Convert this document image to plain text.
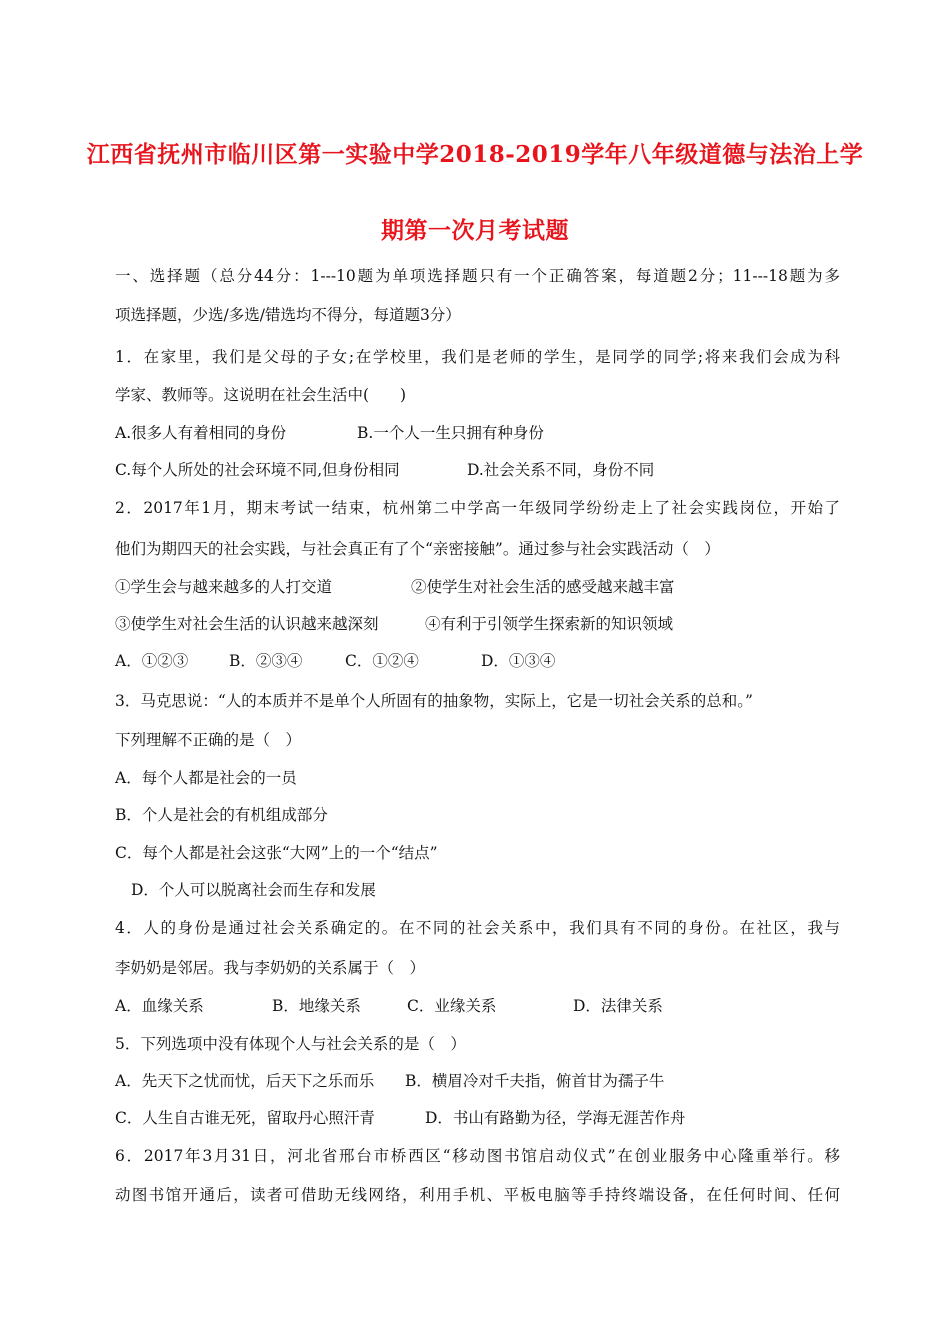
江西省抚州市临川区第一实验中学2018-2019学年八年级道德与法治上学
期第一次月考试题
一、选择题（总分44分：1---10题为单项选择题只有一个正确答案，每道题2分；11---18题为多
项选择题，少选/多选/错选均不得分，每道题3分）
1．在家里，我们是父母的子女;在学校里，我们是老师的学生，是同学的同学;将来我们会成为科
学家、教师等。这说明在社会生活中(　　)
A.很多人有着相同的身份	B.一个人一生只拥有种身份
C.每个人所处的社会环境不同,但身份相同	D.社会关系不同，身份不同
2．2017年1月，期末考试一结束，杭州第二中学高一年级同学纷纷走上了社会实践岗位，开始了
他们为期四天的社会实践，与社会真正有了个“亲密接触”。通过参与社会实践活动（　）
①学生会与越来越多的人打交道	②使学生对社会生活的感受越来越丰富
③使学生对社会生活的认识越来越深刻	④有利于引领学生探索新的知识领域
A．①②③	B．②③④	C．①②④	D．①③④
3．马克思说：“人的本质并不是单个人所固有的抽象物，实际上，它是一切社会关系的总和。”
下列理解不正确的是（　）
A．每个人都是社会的一员
B．个人是社会的有机组成部分
C．每个人都是社会这张“大网”上的一个“结点”
D．个人可以脱离社会而生存和发展
4．人的身份是通过社会关系确定的。在不同的社会关系中，我们具有不同的身份。在社区，我与
李奶奶是邻居。我与李奶奶的关系属于（　）
A．血缘关系	B．地缘关系	C．业缘关系	D．法律关系
5．下列选项中没有体现个人与社会关系的是（　）
A．先天下之忧而忧，后天下之乐而乐 B．横眉冷对千夫指，俯首甘为孺子牛
C．人生自古谁无死，留取丹心照汗青	D．书山有路勤为径，学海无涯苦作舟
6．2017年3月31日，河北省邢台市桥西区“移动图书馆启动仪式”在创业服务中心隆重举行。移
动图书馆开通后，读者可借助无线网络，利用手机、平板电脑等手持终端设备，在任何时间、任何
